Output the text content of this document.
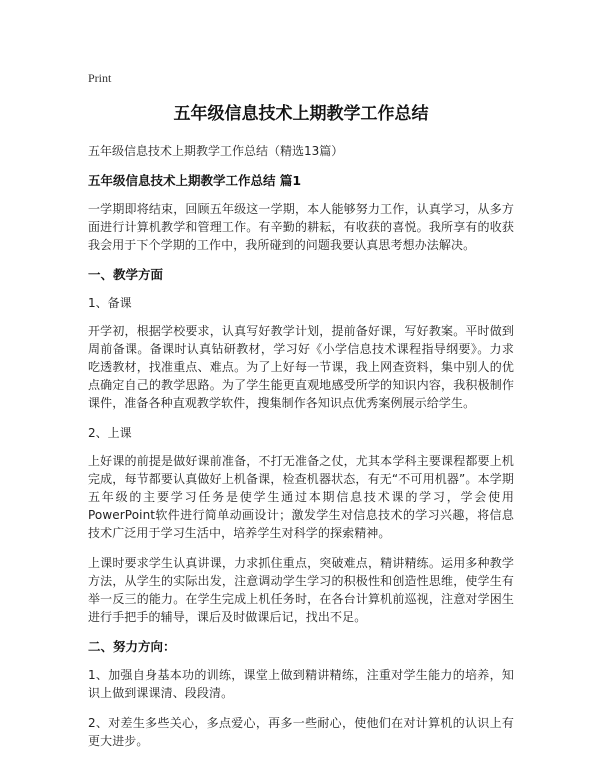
Print
五年级信息技术上期教学工作总结

五年级信息技术上期教学工作总结（精选13篇）

五年级信息技术上期教学工作总结 篇1

一学期即将结束，回顾五年级这一学期，本人能够努力工作，认真学习，从多方面进行计算机教学和管理工作。有辛勤的耕耘，有收获的喜悦。我所享有的收获我会用于下个学期的工作中，我所碰到的问题我要认真思考想办法解决。

一、教学方面

1、备课

开学初，根据学校要求，认真写好教学计划，提前备好课，写好教案。平时做到周前备课。备课时认真钻研教材，学习好《小学信息技术课程指导纲要》。力求吃透教材，找准重点、难点。为了上好每一节课，我上网查资料，集中别人的优点确定自己的教学思路。为了学生能更直观地感受所学的知识内容，我积极制作课件，准备各种直观教学软件，搜集制作各知识点优秀案例展示给学生。

2、上课

上好课的前提是做好课前准备，不打无准备之仗，尤其本学科主要课程都要上机完成，每节都要认真做好上机备课，检查机器状态，有无“不可用机器”。本学期五年级的主要学习任务是使学生通过本期信息技术课的学习，学会使用PowerPoint软件进行简单动画设计；激发学生对信息技术的学习兴趣，将信息技术广泛用于学习生活中，培养学生对科学的探索精神。

上课时要求学生认真讲课，力求抓住重点，突破难点，精讲精练。运用多种教学方法，从学生的实际出发，注意调动学生学习的积极性和创造性思维，使学生有举一反三的能力。在学生完成上机任务时，在各台计算机前巡视，注意对学困生进行手把手的辅导，课后及时做课后记，找出不足。

二、努力方向：

1、加强自身基本功的训练，课堂上做到精讲精练，注重对学生能力的培养，知识上做到课课清、段段清。

2、对差生多些关心，多点爱心，再多一些耐心，使他们在对计算机的认识上有更大进步。
